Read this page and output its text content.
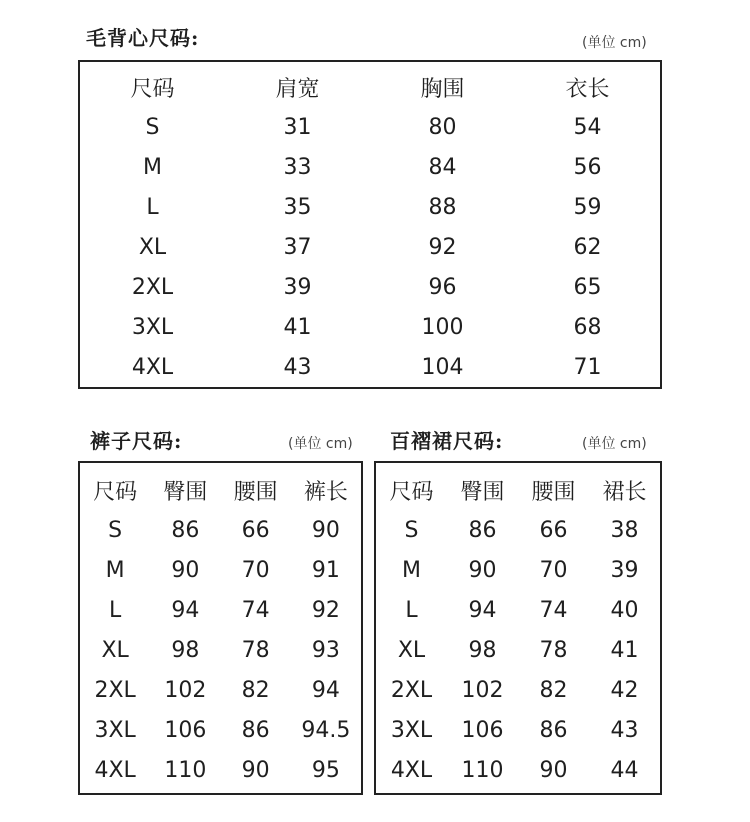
毛背心尺码:	(单位 cm)
尺码	肩宽	胸围	衣长
S	31	80	54
M	33	84	56
L	35	88	59
XL	37	92	62
2XL	39	96	65
3XL	41	100	68
4XL	43	104	71
裤子尺码:	(单位 cm)
尺码	臀围	腰围	裤长
S	86	66	90
M	90	70	91
L	94	74	92
XL	98	78	93
2XL	102	82	94
3XL	106	86	94.5
4XL	110	90	95
百褶裙尺码:	(单位 cm)
尺码	臀围	腰围	裙长
S	86	66	38
M	90	70	39
L	94	74	40
XL	98	78	41
2XL	102	82	42
3XL	106	86	43
4XL	110	90	44
